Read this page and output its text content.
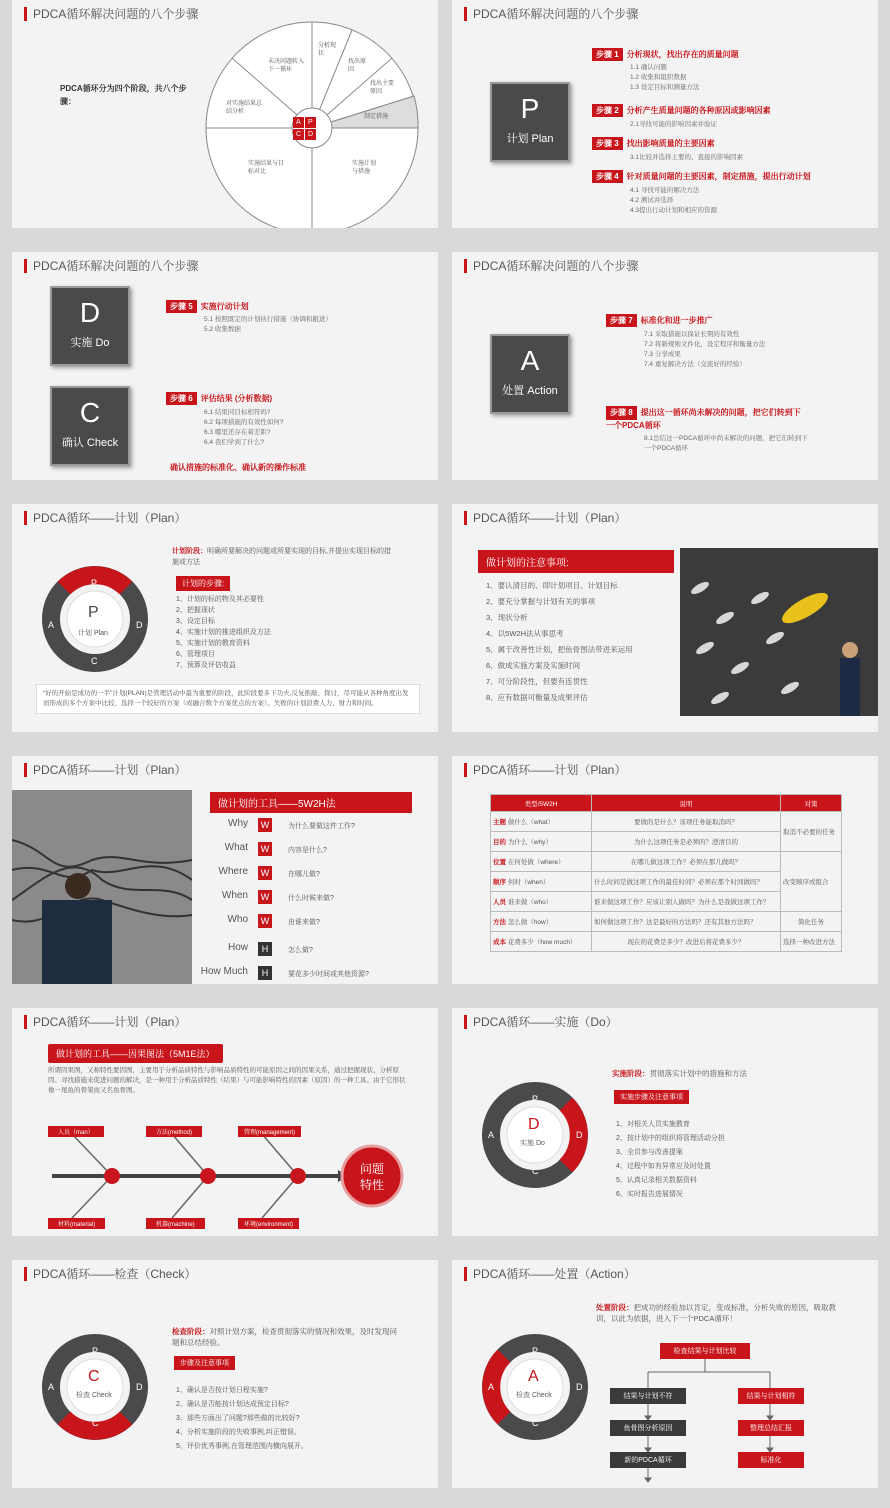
PDCA循环解决问题的八个步骤
PDCA循环分为四个阶段，共八个步骤：
A P
C D
分析现状
找出原因
找出主要原因
制定措施
实施计划与措施
实施结果与目标对比
对实施结果总结分析
未决问题转入下一循环
PDCA循环解决问题的八个步骤
P
计划 Plan
步骤 1 分析现状，找出存在的质量问题
1.1 确认问题
1.2 收集和组织数据
1.3 设定目标和测量方法
步骤 2 分析产生质量问题的各种原因或影响因素
2.1寻找可能的影响因素并验证
步骤 3 找出影响质量的主要因素
3.1比较并选择主要的、直接的影响因素
步骤 4 针对质量问题的主要因素，制定措施，提出行动计划
4.1 寻找可能的解决方法
4.2 测试并选择
4.3提出行动计划和相应的资源
PDCA循环解决问题的八个步骤
D
实施 Do
C
确认 Check
步骤 5 实施行动计划
5.1 按照既定的计划执行措施（协调和跟进）
5.2 收集数据
步骤 6 评估结果 (分析数据)
6.1 结果同目标相符吗?
6.2 每项措施的有效性如何?
6.3 哪里还存在着差距?
6.4 我们学到了什么?
确认措施的标准化、确认新的操作标准
PDCA循环解决问题的八个步骤
A
处置 Action
步骤 7 标准化和进一步推广
7.1 采取措施以保证长期的有效性
7.2 将新规则文件化，设定程序和衡量方法
7.3 分享成果
7.4 重复解决方法（交流好的经验）
步骤 8 提出这一循环尚未解决的问题，把它们转到下一个PDCA循环
8.1总结这一PDCA循环中尚未解决的问题，把它们转到下一个PDCA循环
PDCA循环——计划（Plan）
P
A	D
C
P
计划 Plan
计划阶段：明确所要解决的问题或所要实现的目标,并提出实现目标的措施或方法
计划的步骤:
1、计划的标的物及其必要性
2、把握现状
3、设定目标
4、实施计划的推进组织及方法
5、实施计划的教育资料
6、管理项目
7、预算及评估收益
“好的开始是成功的一半”计划(PLAN)是管理活动中最为重要的阶段，此阶段要多下功夫,反复推敲、探讨，尽可能从各种角度出发而形成的多个方案中比较、选择一个较好的方案（或融合数个方案优点的方案）。失败的计划浪费人力、财力和时间。
PDCA循环——计划（Plan）
做计划的注意事项:
1、要认清目的、即计划项目、计划目标
2、要充分掌握与计划有关的事项
3、现状分析
4、以5W2H法从事思考
5、属于改善性计划，把鱼骨图法带进来运用
6、做成实施方案及实施时间
7、可分阶段性，但要有连贯性
8、应有数据可衡量及成果评估
PDCA循环——计划（Plan）
做计划的工具——5W2H法
Why	W	为什么要做这件工作?
What	W	内容是什么?
Where	W	在哪儿做?
When	W	什么时候来做?
Who	W	由谁来做?
How	H	怎么做?
How Much	H	要花多少时间或其他资源?
PDCA循环——计划（Plan）
类型/5W2H	说明	对策
主题 做什么（what）	要做的是什么？该项任务能取消吗？	取消不必要的任务
目的 为什么（why）	为什么这项任务是必须的？澄清目的	
位置 在何处做（where）	在哪儿做这项工作？必须在那儿做吗？	改变顺序或组合
顺序 何时（when）	什么时间是做这项工作的最佳时间？必须在那个时间做吗？	
人员 谁来做（who）	谁来做这项工作？应该让别人做吗？为什么是我做这项工作？	
方法 怎么做（how）	如何做这项工作？这是最好的方法吗？还有其他方法吗？	简化任务
成本 花费多少（how much）	现在的花费是多少？改进后将花费多少？	选择一种改进方法
PDCA循环——计划（Plan）
做计划的工具——因果图法（5M1E法）
所谓因果图，又称特性要因图，主要用于分析品质特性与影响品质特性的可能原因之间的因果关系，通过把握现状、分析原因、寻找措施来促进问题的解决，是一种用于分析品质特性（结果）与可能影响特性的因素（原因）的一种工具。由于它形状像一尾鱼的骨架而又名鱼骨图。
人员（man）	方法(method)	管理(management)
材料(material)	机器(machine)	环境(environment)
问题
特性
PDCA循环——实施（Do）
P
A	D
C
D
实施 Do
实施阶段：贯彻落实计划中的措施和方法
实施步骤及注意事项
1、对相关人员实施教育
2、按计划中的组织将管理活动分担
3、全员参与改善提案
4、过程中如有异常应及时处置
5、认真记录相关数据资料
6、实时报告进展情况
PDCA循环——检查（Check）
P
A	D
C
C
检查 Check
检查阶段：对照计划方案，检查贯彻落实的情况和效果，及时发现问题和总结经验。
步骤及注意事项
1、确认是否按计划日程实施?
2、确认是否能按计划达成预定目标?
3、那些方面出了问题?那些做的比较好?
4、分析实施阶段的失败事例,纠正错误。
5、评价优秀事例,在管理范围内横向展开。
PDCA循环——处置（Action）
P
A	D
C
A
检查 Check
处置阶段：把成功的经验加以肯定，变成标准，分析失败的原因，吸取教训，以此为依据，进入下一个PDCA循环！
检查结果与计划比较
结果与计划不符
鱼骨图分析原因
新的PDCA循环
结果与计划相符
整理总结汇报
标准化
